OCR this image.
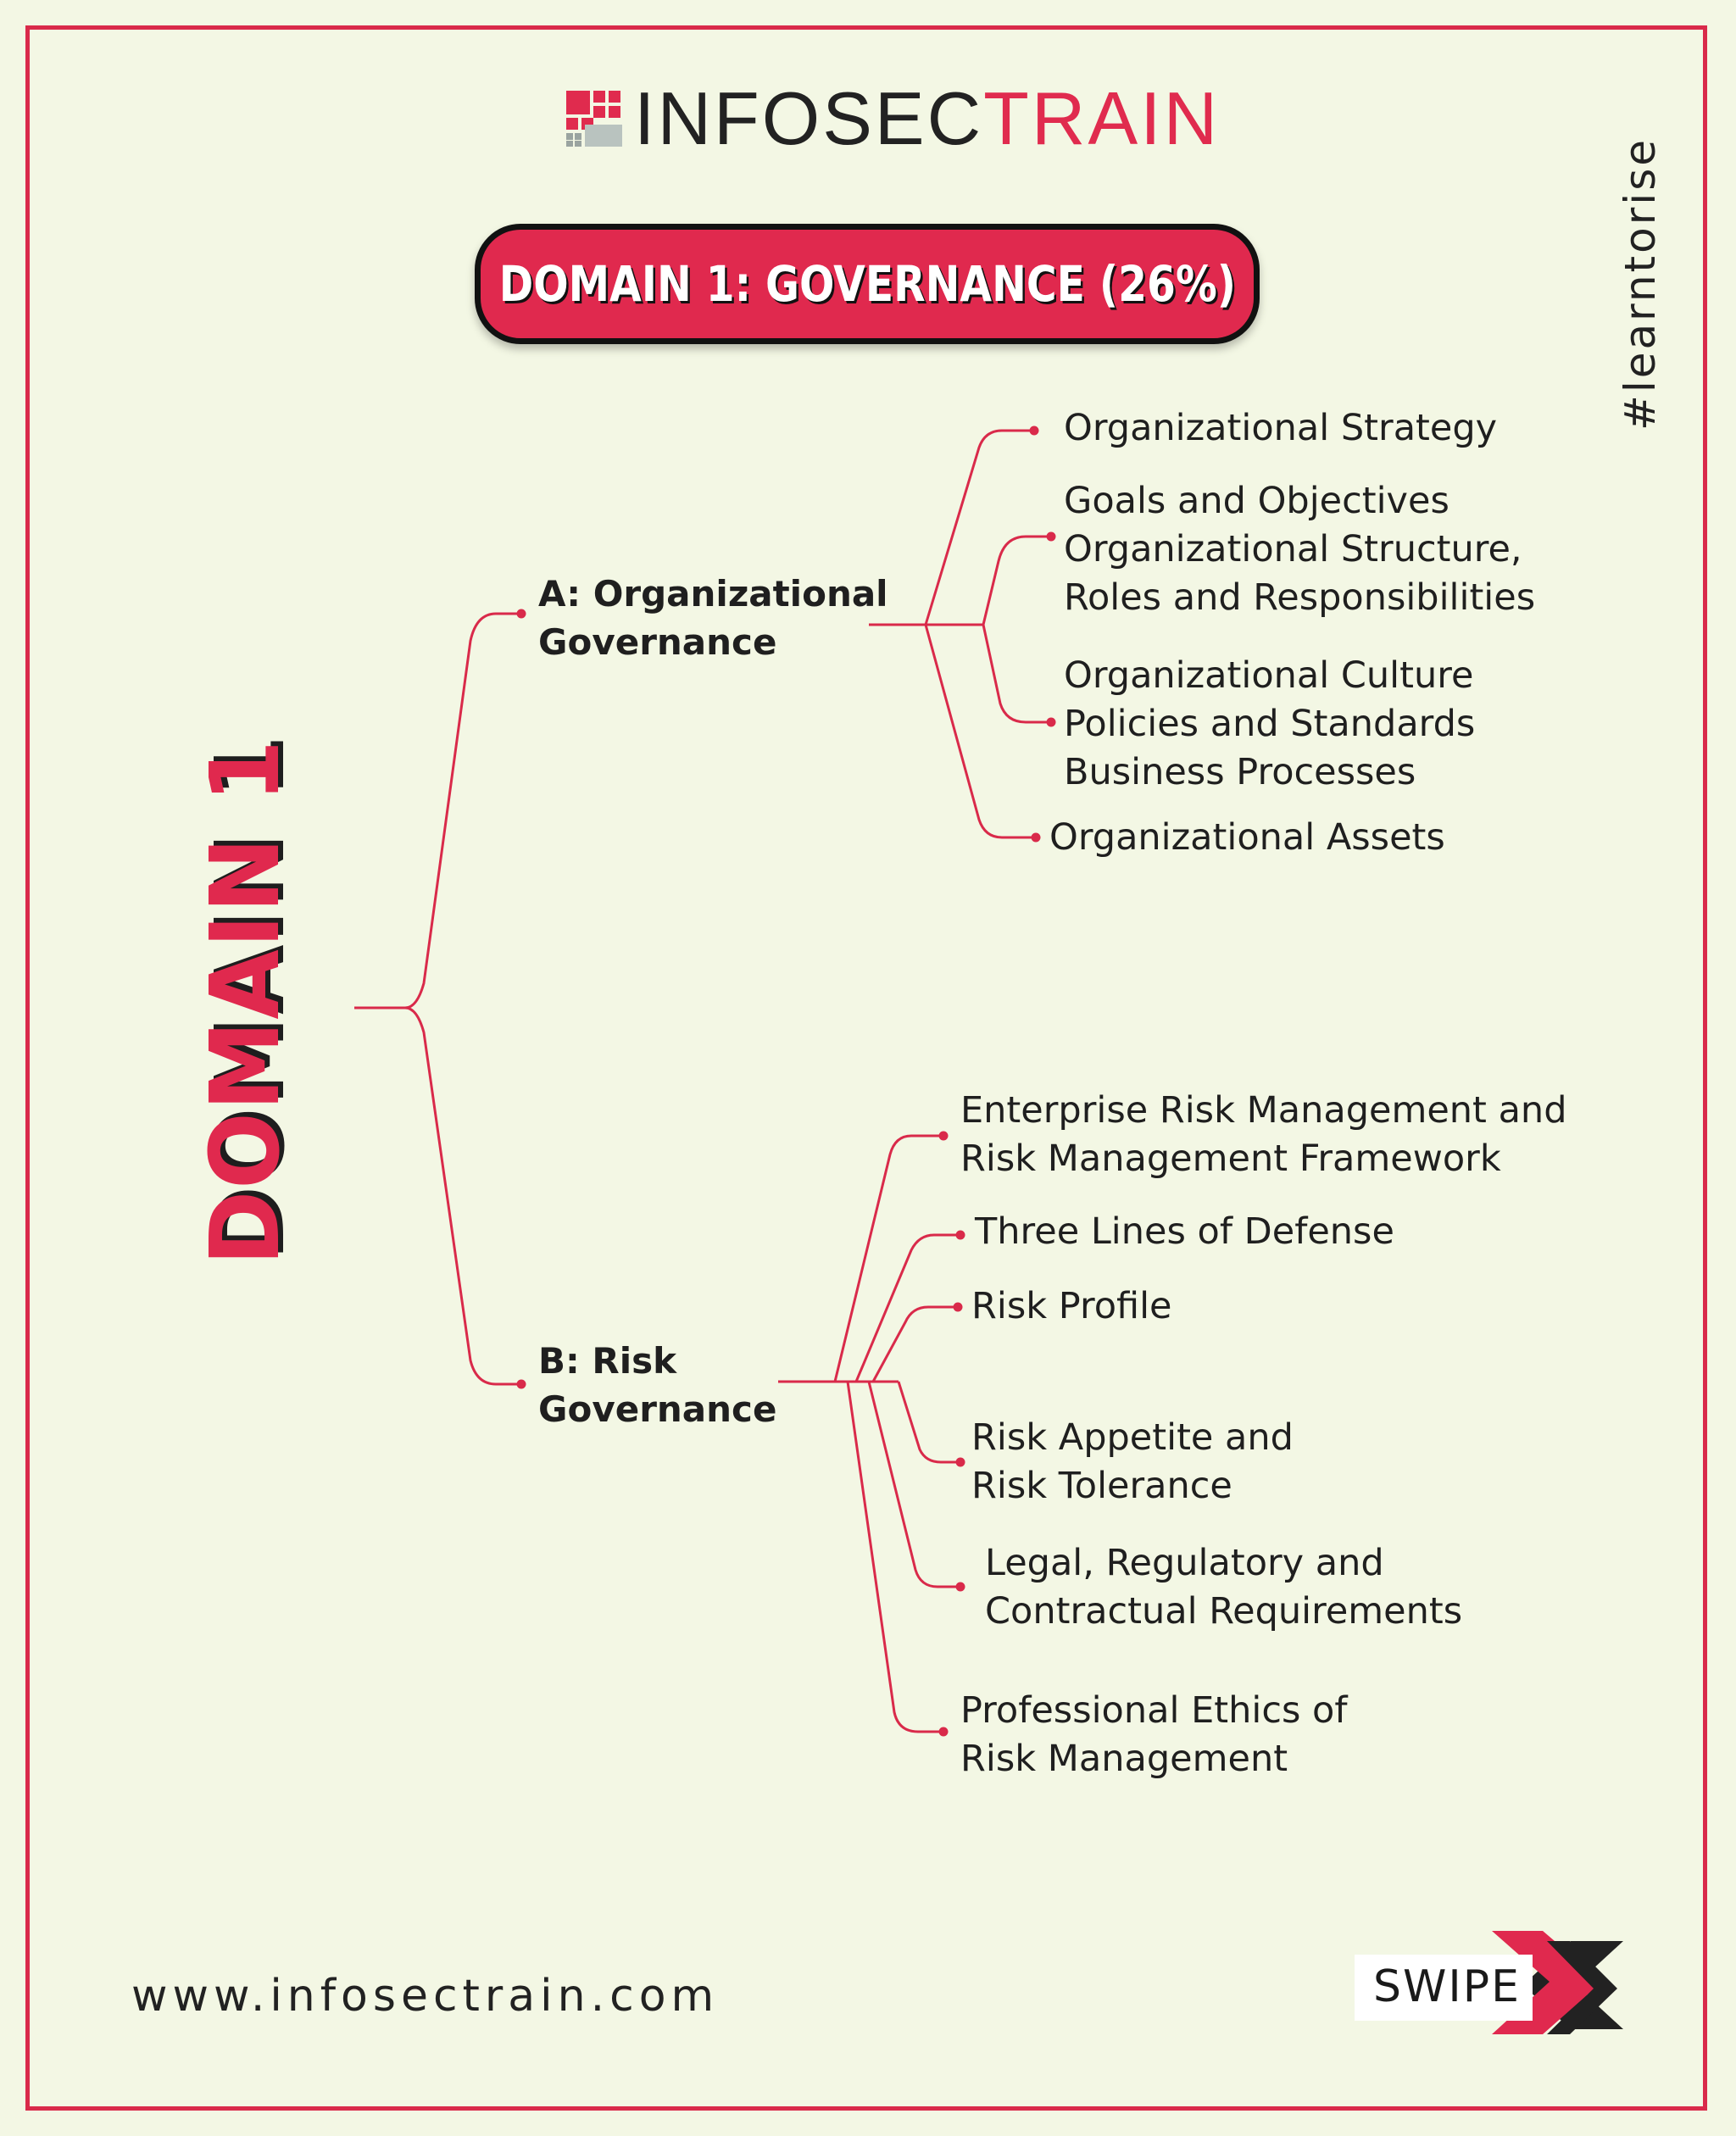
INFOSECTRAIN
DOMAIN 1: GOVERNANCE (26%)	#learntorise
DOMAIN 1
A: Organizational
Governance
B: Risk
Governance
Organizational Strategy
Goals and Objectives
Organizational Structure,
Roles and Responsibilities
Organizational Culture
Policies and Standards
Business Processes
Organizational Assets
Enterprise Risk Management and
Risk Management Framework
Three Lines of Defense
Risk Profile
Risk Appetite and
Risk Tolerance
Legal, Regulatory and
Contractual Requirements
Professional Ethics of
Risk Management
www.infosectrain.com	SWIPE
